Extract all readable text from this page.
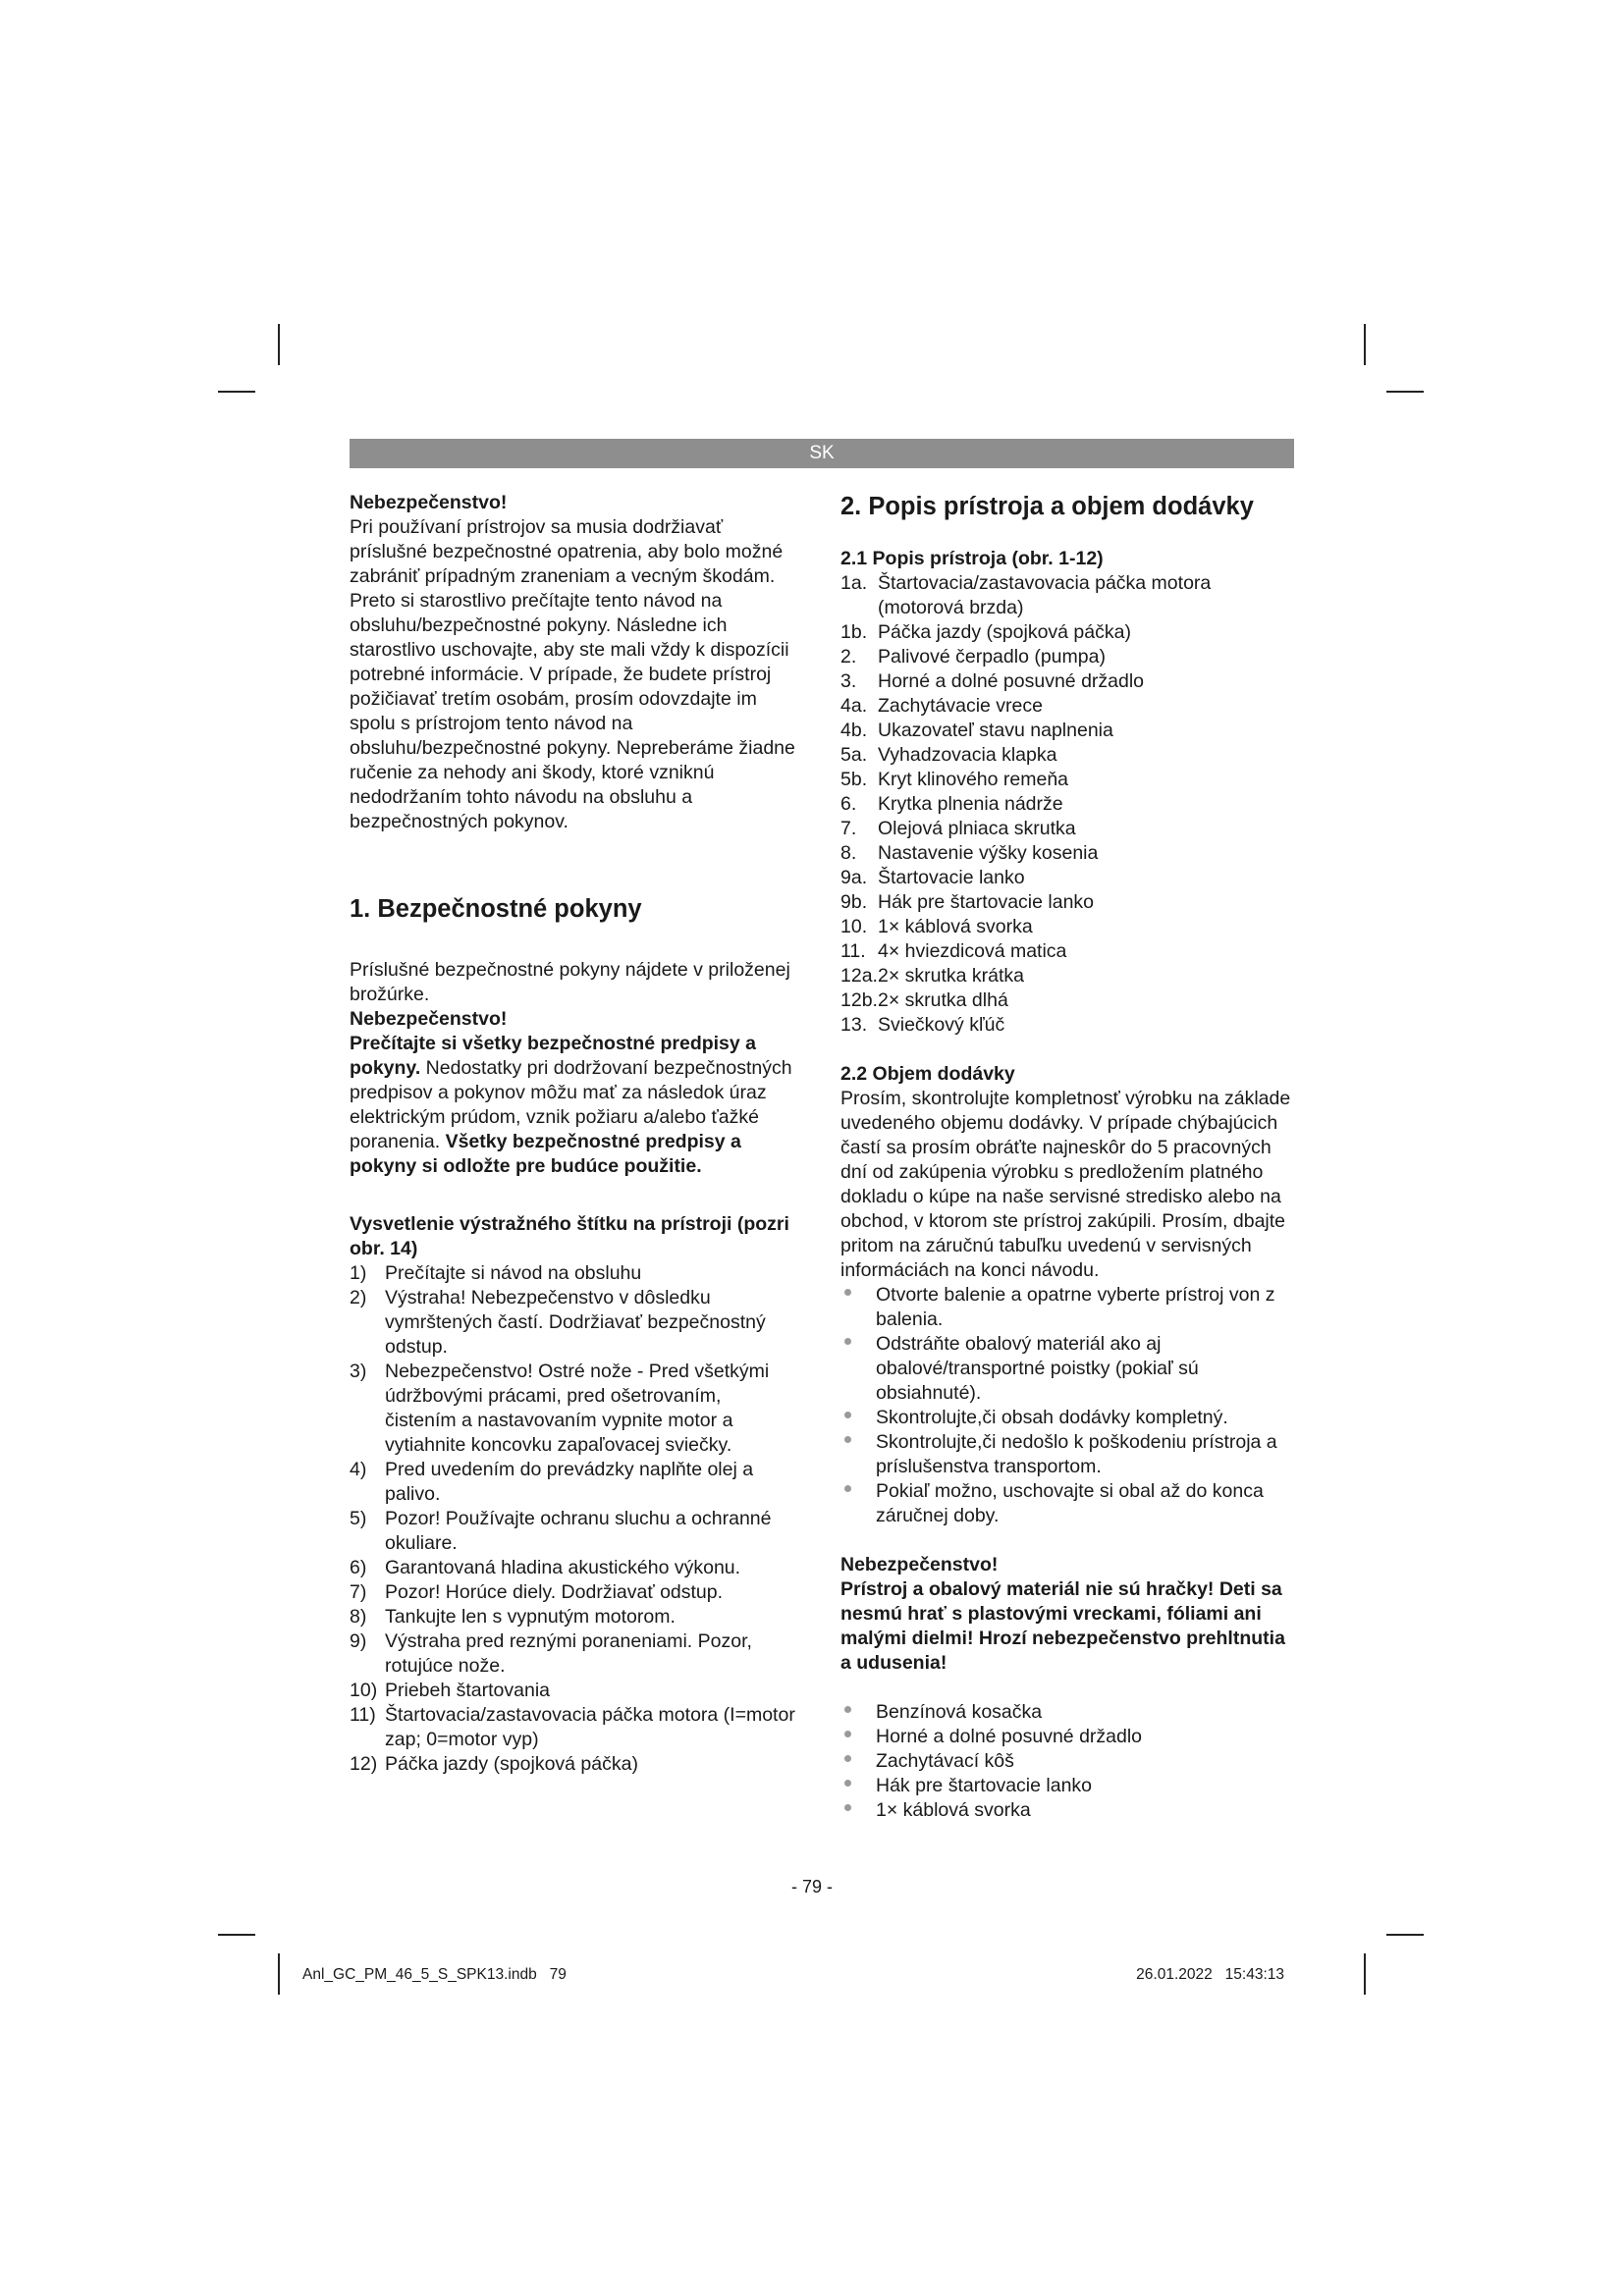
SK

Nebezpečenstvo!

Pri používaní prístrojov sa musia dodržiavať príslušné bezpečnostné opatrenia, aby bolo možné zabrániť prípadným zraneniam a vecným škodám. Preto si starostlivo prečítajte tento návod na obsluhu/bezpečnostné pokyny. Následne ich starostlivo uschovajte, aby ste mali vždy k dispozícii potrebné informácie. V prípade, že budete prístroj požičiavať tretím osobám, prosím odovzdajte im spolu s prístrojom tento návod na obsluhu/bezpečnostné pokyny. Nepreberáme žiadne ručenie za nehody ani škody, ktoré vzniknú nedodržaním tohto návodu na obsluhu a bezpečnostných pokynov.

1. Bezpečnostné pokyny

Príslušné bezpečnostné pokyny nájdete v priloženej brožúrke.

Nebezpečenstvo!

Prečítajte si všetky bezpečnostné predpisy a pokyny. Nedostatky pri dodržovaní bezpečnostných predpisov a pokynov môžu mať za následok úraz elektrickým prúdom, vznik požiaru a/alebo ťažké poranenia. Všetky bezpečnostné predpisy a pokyny si odložte pre budúce použitie.

Vysvetlenie výstražného štítku na prístroji (pozri obr. 14)

1) Prečítajte si návod na obsluhu
2) Výstraha! Nebezpečenstvo v dôsledku vymrštených častí. Dodržiavať bezpečnostný odstup.
3) Nebezpečenstvo! Ostré nože - Pred všetkými údržbovými prácami, pred ošetrovaním, čistením a nastavovaním vypnite motor a vytiahnite koncovku zapaľovacej sviečky.
4) Pred uvedením do prevádzky naplňte olej a palivo.
5) Pozor! Používajte ochranu sluchu a ochranné okuliare.
6) Garantovaná hladina akustického výkonu.
7) Pozor! Horúce diely. Dodržiavať odstup.
8) Tankujte len s vypnutým motorom.
9) Výstraha pred reznými poraneniami. Pozor, rotujúce nože.
10) Priebeh štartovania
11) Štartovacia/zastavovacia páčka motora (I=motor zap; 0=motor vyp)
12) Páčka jazdy (spojková páčka)

2. Popis prístroja a objem dodávky

2.1 Popis prístroja (obr. 1-12)

1a. Štartovacia/zastavovacia páčka motora (motorová brzda)
1b. Páčka jazdy (spojková páčka)
2. Palivové čerpadlo (pumpa)
3. Horné a dolné posuvné držadlo
4a. Zachytávacie vrece
4b. Ukazovateľ stavu naplnenia
5a. Vyhadzovacia klapka
5b. Kryt klinového remeňa
6. Krytka plnenia nádrže
7. Olejová plniaca skrutka
8. Nastavenie výšky kosenia
9a. Štartovacie lanko
9b. Hák pre štartovacie lanko
10. 1× káblová svorka
11. 4× hviezdicová matica
12a. 2× skrutka krátka
12b. 2× skrutka dlhá
13. Sviečkový kľúč

2.2 Objem dodávky

Prosím, skontrolujte kompletnosť výrobku na základe uvedeného objemu dodávky. V prípade chýbajúcich častí sa prosím obráťte najneskôr do 5 pracovných dní od zakúpenia výrobku s predložením platného dokladu o kúpe na naše servisné stredisko alebo na obchod, v ktorom ste prístroj zakúpili. Prosím, dbajte pritom na záručnú tabuľku uvedenú v servisných informáciách na konci návodu.

Otvorte balenie a opatrne vyberte prístroj von z balenia.
Odstráňte obalový materiál ako aj obalové/transportné poistky (pokiaľ sú obsiahnuté).
Skontrolujte,či obsah dodávky kompletný.
Skontrolujte,či nedošlo k poškodeniu prístroja a príslušenstva transportom.
Pokiaľ možno, uschovajte si obal až do konca záručnej doby.

Nebezpečenstvo!

Prístroj a obalový materiál nie sú hračky! Deti sa nesmú hrať s plastovými vreckami, fóliami ani malými dielmi! Hrozí nebezpečenstvo prehltnutia a udusenia!

Benzínová kosačka
Horné a dolné posuvné držadlo
Zachytávací kôš
Hák pre štartovacie lanko
1× káblová svorka
- 79 -
Anl_GC_PM_46_5_S_SPK13.indb   79	26.01.2022   15:43:13
